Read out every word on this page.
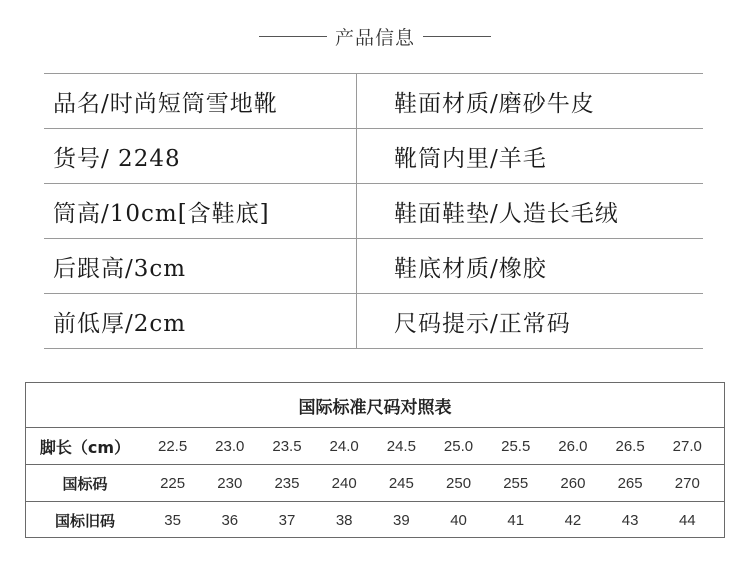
产品信息
品名/时尚短筒雪地靴	鞋面材质/磨砂牛皮
货号/ 2248	靴筒内里/羊毛
筒高/10cm[含鞋底]	鞋面鞋垫/人造长毛绒
后跟高/3cm	鞋底材质/橡胶
前低厚/2cm	尺码提示/正常码
国际标准尺码对照表
脚长（cm）	22.5	23.0	23.5	24.0	24.5	25.0	25.5	26.0	26.5	27.0
国标码	225	230	235	240	245	250	255	260	265	270
国标旧码	35	36	37	38	39	40	41	42	43	44
